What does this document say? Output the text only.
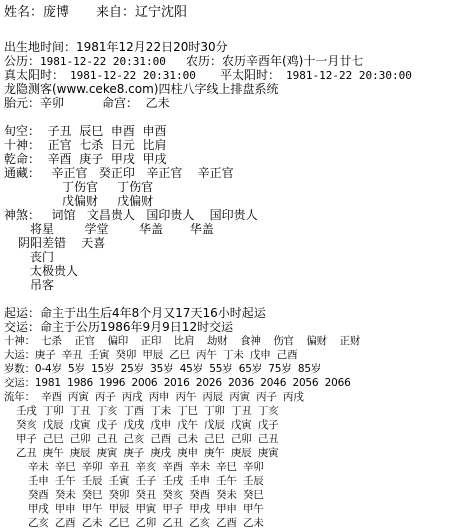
姓名：庞博 来自：辽宁沈阳
出生地时间：1981年12月22日20时30分
公历： 1981-12-22 20:31:00 农历： 农历辛酉年(鸡)十一月廿七
真太阳时： 1981-12-22 20:31:00 平太阳时： 1981-12-22 20:30:00
龙隐测客(www.ceke8.com)四柱八字线上排盘系统
胎元：辛卯	命宫：  乙未
旬空：  子丑  辰巳  申酉  申酉
十神：  正官  七杀  日元  比肩
乾命：  辛酉  庚子  甲戌  甲戌
通藏：   辛正官   癸正印   辛正官    辛正官
丁伤官     丁伤官
戊偏财     戊偏财
神煞：   词馆   文昌贵人   国印贵人    国印贵人
将星        学堂        华盖       华盖
阴阳差错    天喜
丧门
太极贵人
吊客
起运：命主于出生后4年8个月又17天16小时起运
交运：命主于公历1986年9月9日12时交运
十神：  七杀    正官    偏印    正印    比肩    劫财    食神    伤官    偏财    正财
大运：庚子  辛丑  壬寅  癸卯  甲辰  乙巳  丙午  丁未  戊申  己酉
岁数：0-4岁  5岁  15岁  25岁  35岁  45岁  55岁  65岁  75岁  85岁
交运：1981  1986  1996  2006  2016  2026  2036  2046  2056  2066
流年：  辛酉  丙寅  丙子  丙戌  丙申  丙午  丙辰  丙寅  丙子  丙戌
壬戌  丁卯  丁丑  丁亥  丁酉  丁未  丁巳  丁卯  丁丑  丁亥
癸亥  戊辰  戊寅  戊子  戊戌  戊申  戊午  戊辰  戊寅  戊子
甲子  己巳  己卯  己丑  己亥  己酉  己未  己巳  己卯  己丑
乙丑  庚午  庚辰  庚寅  庚子  庚戌  庚申  庚午  庚辰  庚寅
辛未  辛巳  辛卯  辛丑  辛亥  辛酉  辛未  辛巳  辛卯
壬申  壬午  壬辰  壬寅  壬子  壬戌  壬申  壬午  壬辰
癸酉  癸未  癸巳  癸卯  癸丑  癸亥  癸酉  癸未  癸巳
甲戌  甲申  甲午  甲辰  甲寅  甲子  甲戌  甲申  甲午
乙亥  乙酉  乙未  乙巳  乙卯  乙丑  乙亥  乙酉  乙未
